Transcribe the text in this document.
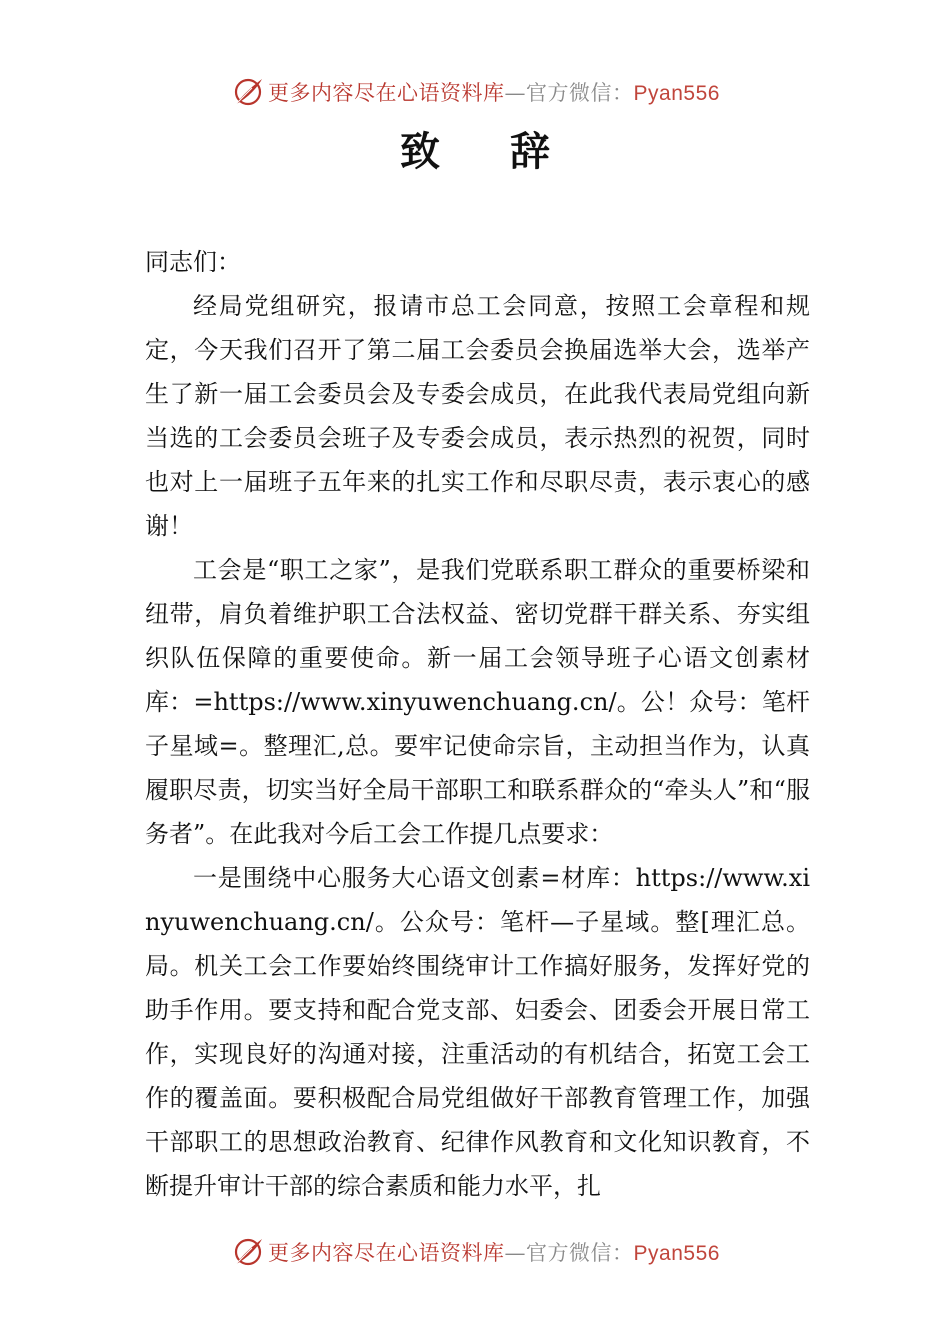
更多内容尽在心语资料库—官方微信：Pyan556
致 辞

同志们：

经局党组研究，报请市总工会同意，按照工会章程和规定，今天我们召开了第二届工会委员会换届选举大会，选举产生了新一届工会委员会及专委会成员，在此我代表局党组向新当选的工会委员会班子及专委会成员，表示热烈的祝贺，同时也对上一届班子五年来的扎实工作和尽职尽责，表示衷心的感谢！

工会是“职工之家”，是我们党联系职工群众的重要桥梁和纽带，肩负着维护职工合法权益、密切党群干群关系、夯实组织队伍保障的重要使命。新一届工会领导班子心语文创素材库：=https://www.xinyuwenchuang.cn/。公！众号：笔杆子星域=。整理汇,总。要牢记使命宗旨，主动担当作为，认真履职尽责，切实当好全局干部职工和联系群众的“牵头人”和“服务者”。在此我对今后工会工作提几点要求：

一是围绕中心服务大心语文创素=材库：https://www.xinyuwenchuang.cn/。公众号：笔杆—子星域。整[理汇总。局。机关工会工作要始终围绕审计工作搞好服务，发挥好党的助手作用。要支持和配合党支部、妇委会、团委会开展日常工作，实现良好的沟通对接，注重活动的有机结合，拓宽工会工作的覆盖面。要积极配合局党组做好干部教育管理工作，加强干部职工的思想政治教育、纪律作风教育和文化知识教育，不断提升审计干部的综合素质和能力水平，扎

更多内容尽在心语资料库—官方微信：Pyan556
